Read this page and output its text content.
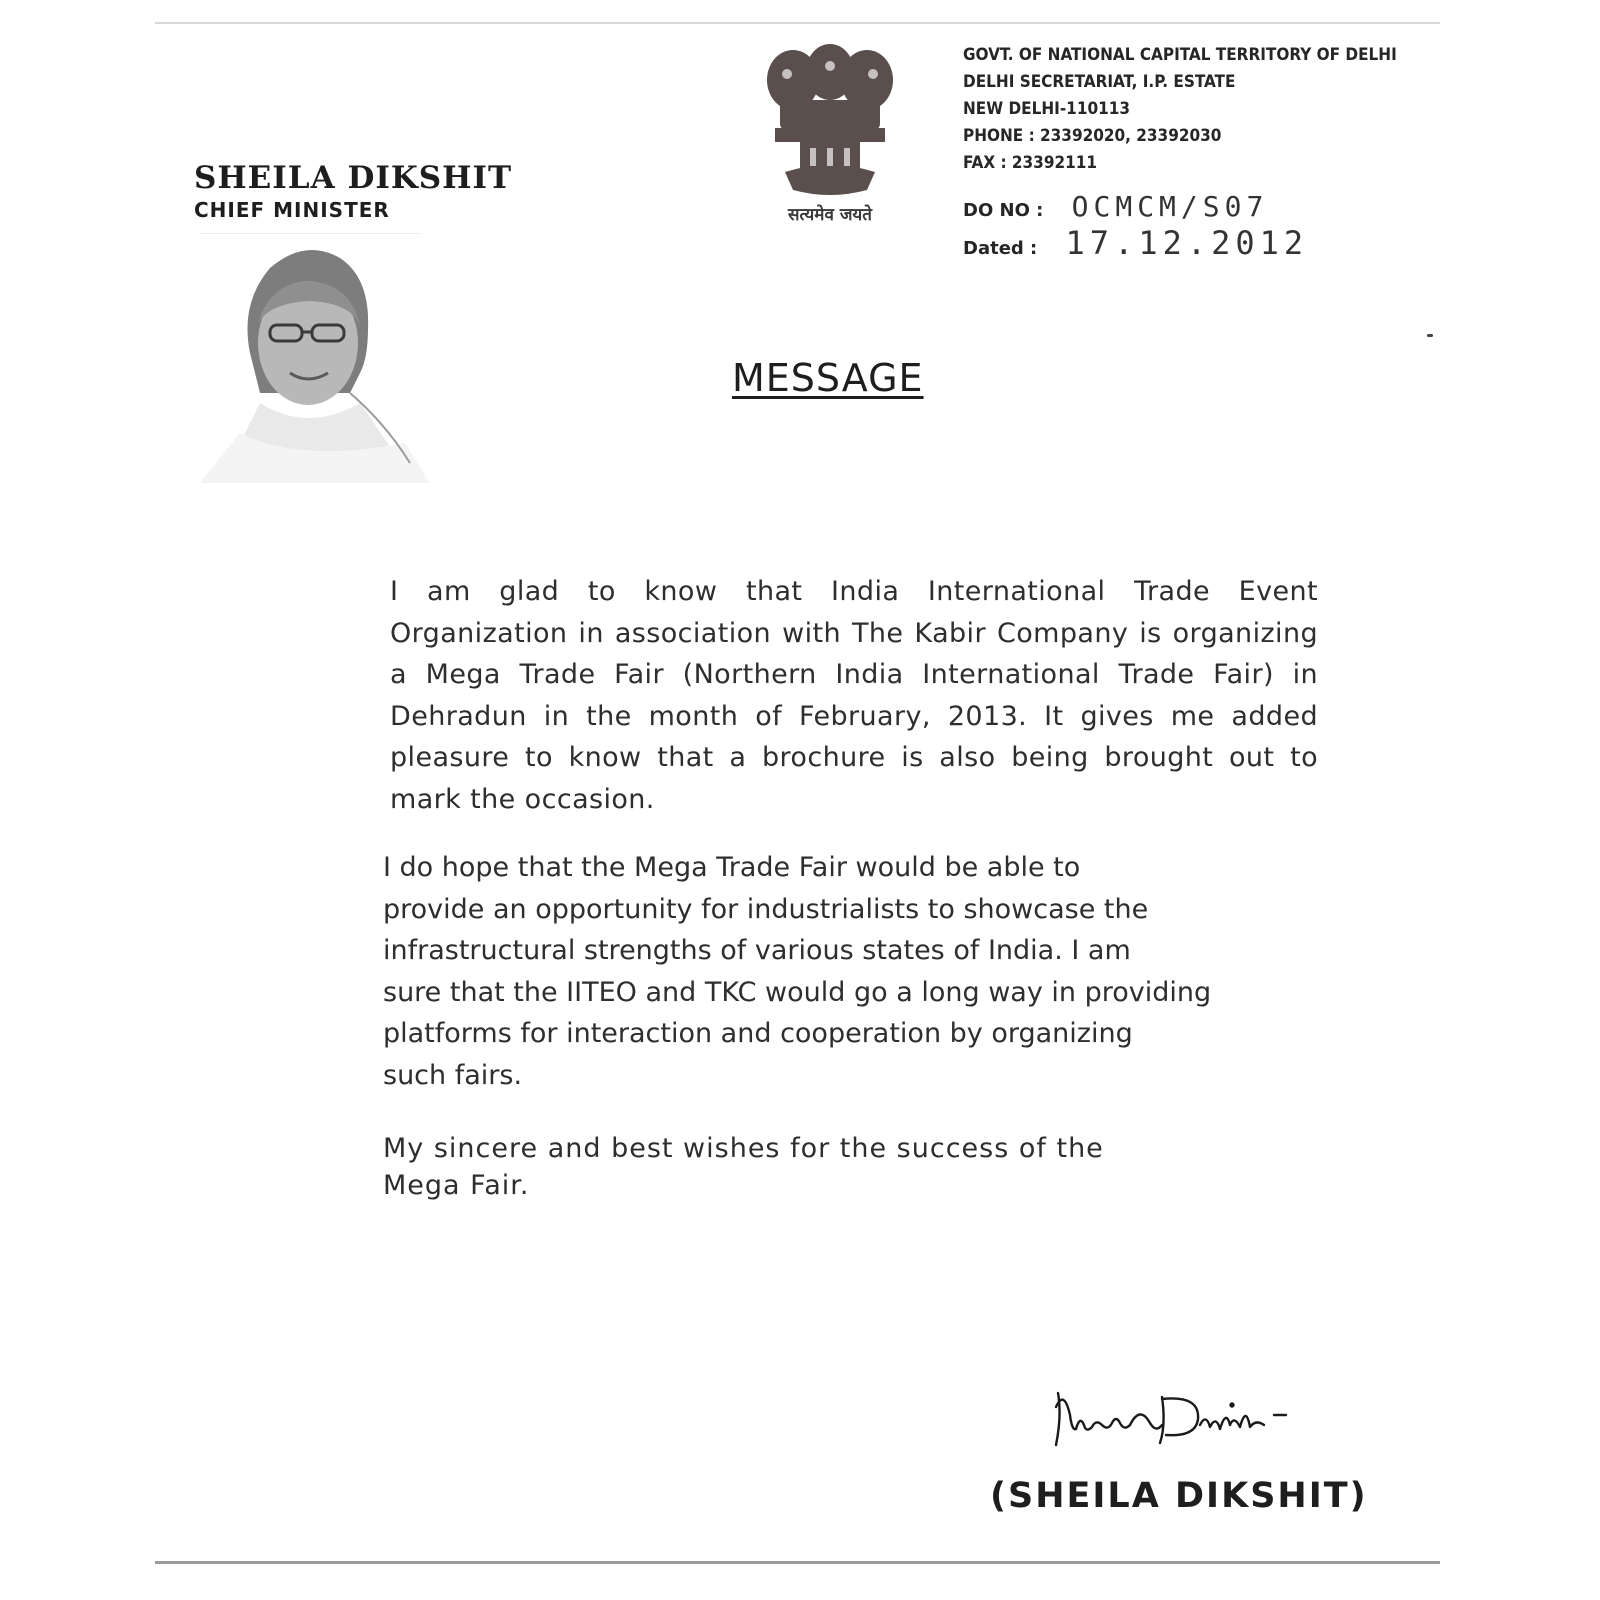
SHEILA DIKSHIT

CHIEF MINISTER	सत्यमेव जयते
GOVT. OF NATIONAL CAPITAL TERRITORY OF DELHI
DELHI SECRETARIAT, I.P. ESTATE
NEW DELHI-110113
PHONE : 23392020, 23392030
FAX : 23392111
DO NO : OCMCM/S07
Dated : 17.12.2012
MESSAGE

I am glad to know that India International Trade Event Organization in association with The Kabir Company is organizing a Mega Trade Fair (Northern India International Trade Fair) in Dehradun in the month of February, 2013. It gives me added pleasure to know that a brochure is also being brought out to mark the occasion.

I do hope that the Mega Trade Fair would be able to
provide an opportunity for industrialists to showcase the
infrastructural strengths of various states of India. I am
sure that the IITEO and TKC would go a long way in providing
platforms for interaction and cooperation by organizing
such fairs.
My sincere and best wishes for the success of the
Mega Fair.

(SHEILA DIKSHIT)
